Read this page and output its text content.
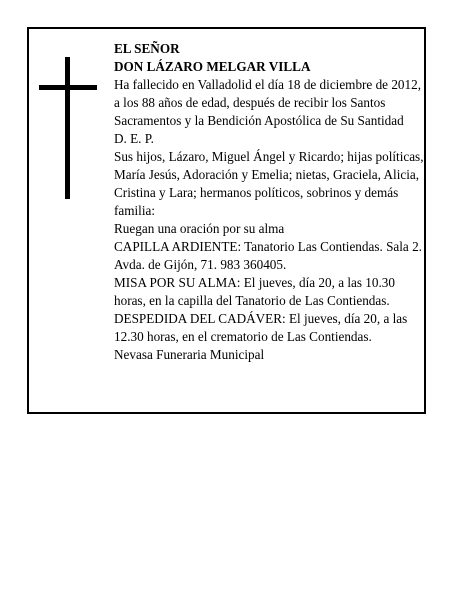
EL SEÑOR

DON LÁZARO MELGAR VILLA

Ha fallecido en Valladolid el día 18 de diciembre de 2012, a los 88 años de edad, después de recibir los Santos Sacramentos y la Bendición Apostólica de Su Santidad

D. E. P.

Sus hijos, Lázaro, Miguel Ángel y Ricardo; hijas políticas, María Jesús, Adoración y Emelia; nietas, Graciela, Alicia, Cristina y Lara; hermanos políticos, sobrinos y demás familia:

Ruegan una oración por su alma

CAPILLA ARDIENTE: Tanatorio Las Contiendas. Sala 2. Avda. de Gijón, 71. 983 360405.

MISA POR SU ALMA: El jueves, día 20, a las 10.30 horas, en la capilla del Tanatorio de Las Contiendas.

DESPEDIDA DEL CADÁVER: El jueves, día 20, a las 12.30 horas, en el crematorio de Las Contiendas.

Nevasa Funeraria Municipal
